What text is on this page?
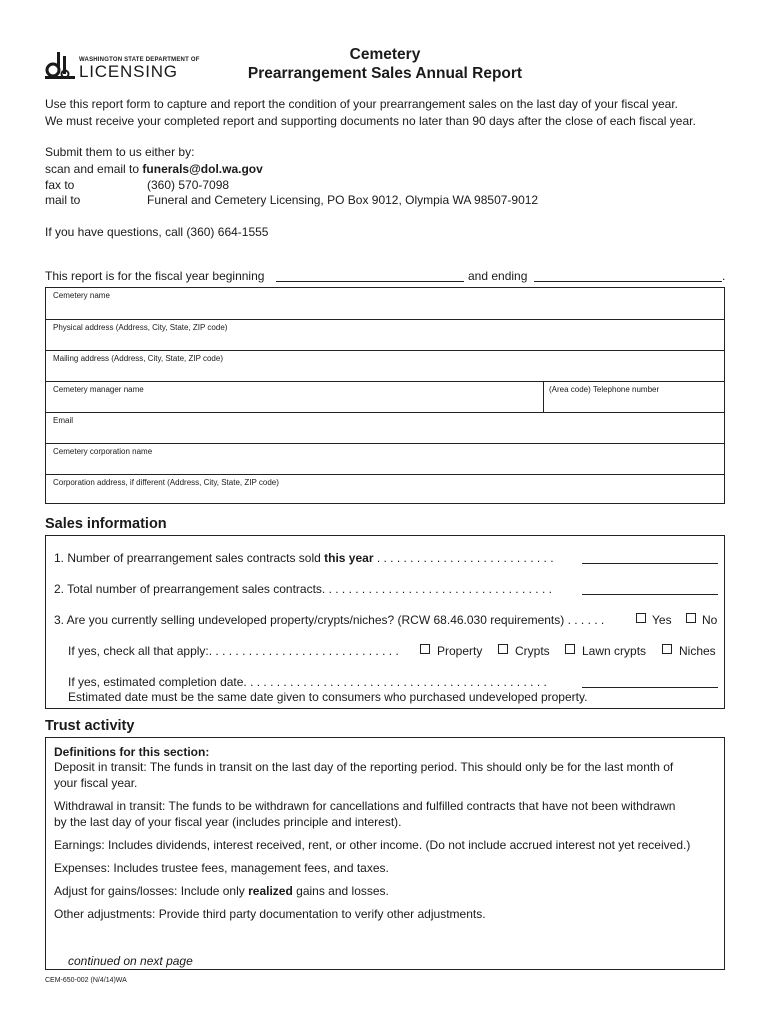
WASHINGTON STATE DEPARTMENT OF
LICENSING
Cemetery
Prearrangement Sales Annual Report
Use this report form to capture and report the condition of your prearrangement sales on the last day of your fiscal year.
We must receive your completed report and supporting documents no later than 90 days after the close of each fiscal year.
Submit them to us either by:
scan and email to funerals@dol.wa.gov
fax to	(360) 570-7098
mail to	Funeral and Cemetery Licensing, PO Box 9012, Olympia WA 98507-9012
If you have questions, call (360) 664-1555
This report is for the fiscal year beginning	and ending	.
Cemetery name
Physical address (Address, City, State, ZIP code)
Mailing address (Address, City, State, ZIP code)
Cemetery manager name	(Area code) Telephone number
Email
Cemetery corporation name
Corporation address, if different (Address, City, State, ZIP code)
Sales information
1. Number of prearrangement sales contracts sold this year . . . . . . . . . . . . . . . . . . . . . . . . . . .
2. Total number of prearrangement sales contracts. . . . . . . . . . . . . . . . . . . . . . . . . . . . . . . . . . .
3. Are you currently selling undeveloped property/crypts/niches? (RCW 68.46.030 requirements) . . . . . .	Yes	No
If yes, check all that apply:. . . . . . . . . . . . . . . . . . . . . . . . . . . . .	Property	Crypts	Lawn crypts	Niches
If yes, estimated completion date. . . . . . . . . . . . . . . . . . . . . . . . . . . . . . . . . . . . . . . . . . . . . .
Estimated date must be the same date given to consumers who purchased undeveloped property.
Trust activity
Definitions for this section:
Deposit in transit: The funds in transit on the last day of the reporting period. This should only be for the last month of
your fiscal year.
Withdrawal in transit: The funds to be withdrawn for cancellations and fulfilled contracts that have not been withdrawn
by the last day of your fiscal year (includes principle and interest).
Earnings: Includes dividends, interest received, rent, or other income. (Do not include accrued interest not yet received.)
Expenses: Includes trustee fees, management fees, and taxes.
Adjust for gains/losses: Include only realized gains and losses.
Other adjustments: Provide third party documentation to verify other adjustments.
continued on next page
CEM-650-002 (N/4/14)WA
